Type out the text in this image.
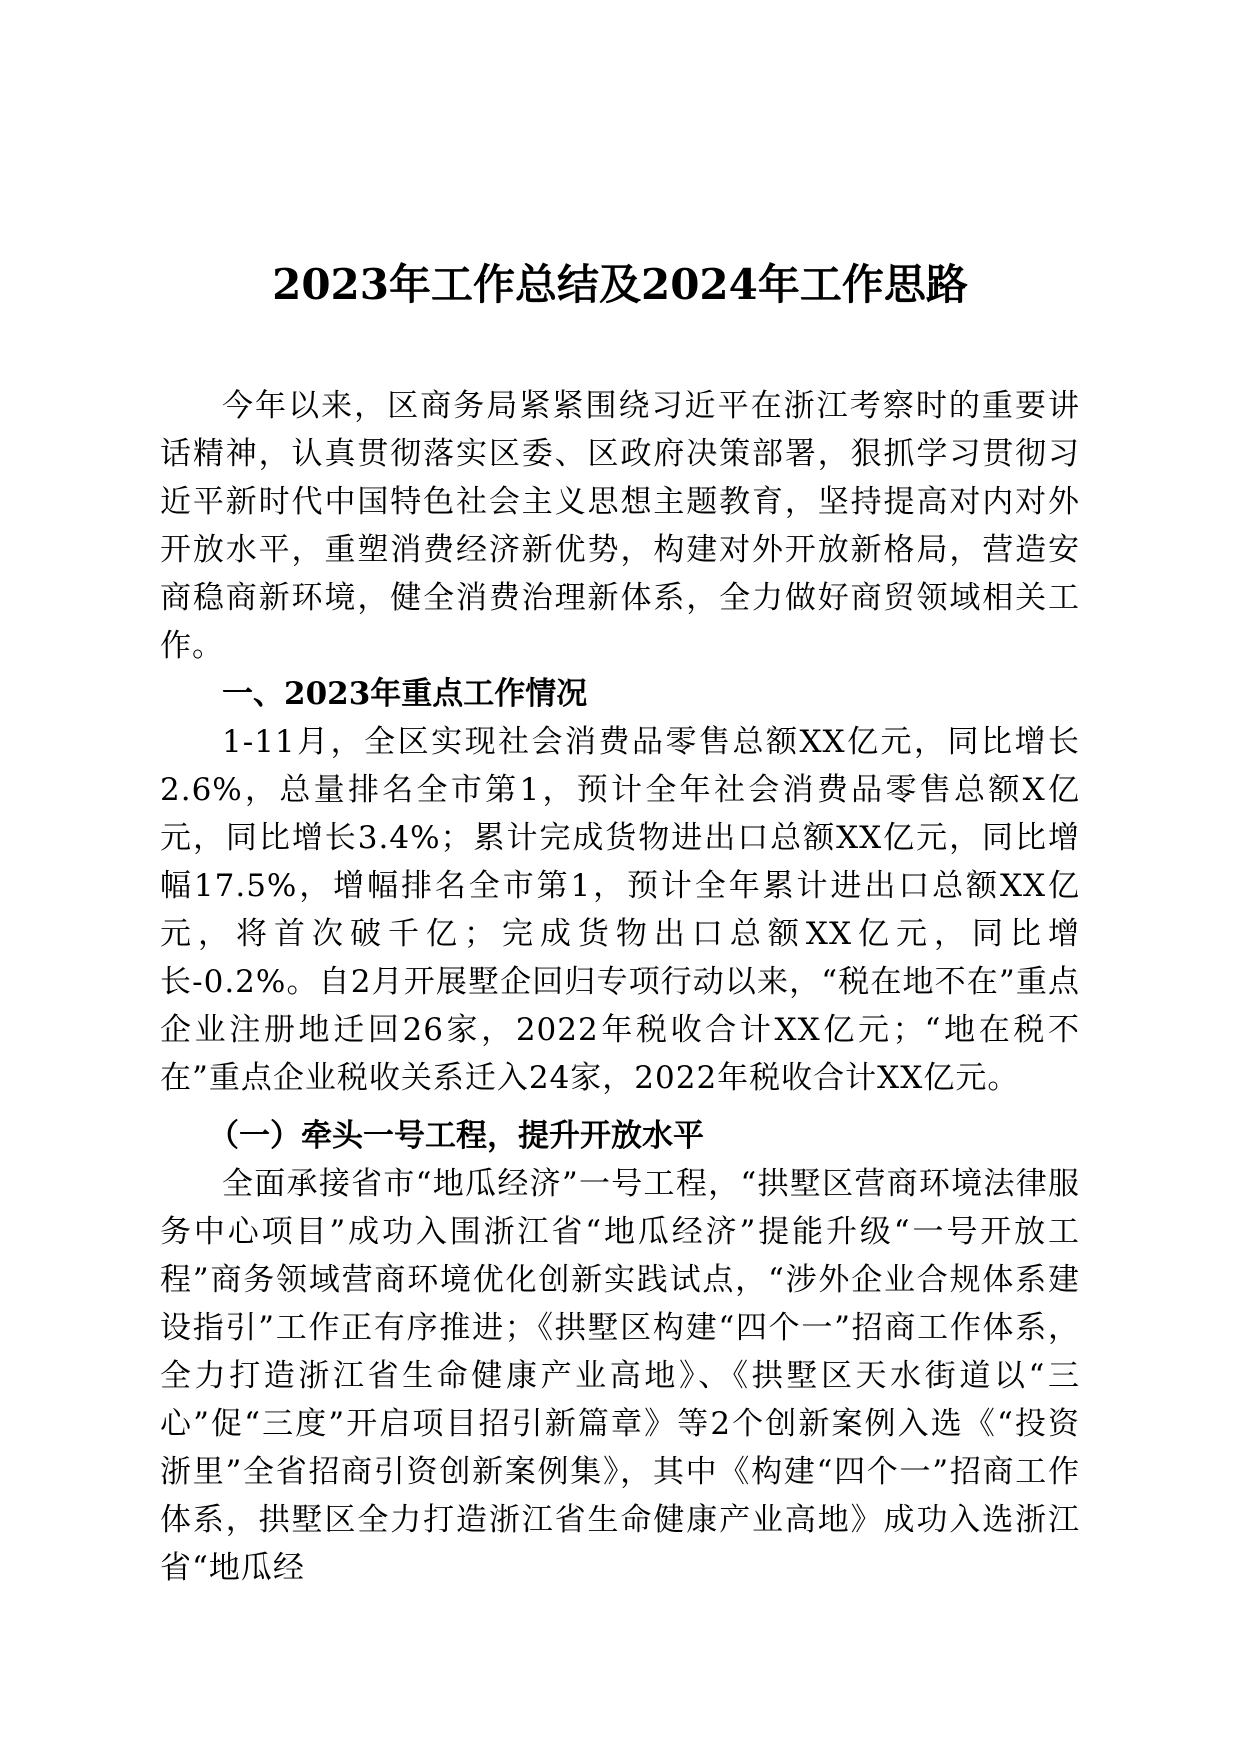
2023年工作总结及2024年工作思路

今年以来，区商务局紧紧围绕习近平在浙江考察时的重要讲话精神，认真贯彻落实区委、区政府决策部署，狠抓学习贯彻习近平新时代中国特色社会主义思想主题教育，坚持提高对内对外开放水平，重塑消费经济新优势，构建对外开放新格局，营造安商稳商新环境，健全消费治理新体系，全力做好商贸领域相关工作。

一、2023年重点工作情况

1-11月，全区实现社会消费品零售总额XX亿元，同比增长2.6%，总量排名全市第1，预计全年社会消费品零售总额X亿元，同比增长3.4%；累计完成货物进出口总额XX亿元，同比增幅17.5%，增幅排名全市第1，预计全年累计进出口总额XX亿元，将首次破千亿；完成货物出口总额XX亿元，同比增长-0.2%。自2月开展墅企回归专项行动以来，“税在地不在”重点企业注册地迁回26家，2022年税收合计XX亿元；“地在税不在”重点企业税收关系迁入24家，2022年税收合计XX亿元。

（一）牵头一号工程，提升开放水平

全面承接省市“地瓜经济”一号工程，“拱墅区营商环境法律服务中心项目”成功入围浙江省“地瓜经济”提能升级“一号开放工程”商务领域营商环境优化创新实践试点，“涉外企业合规体系建设指引”工作正有序推进；《拱墅区构建“四个一”招商工作体系，全力打造浙江省生命健康产业高地》、《拱墅区天水街道以“三心”促“三度”开启项目招引新篇章》等2个创新案例入选《“投资浙里”全省招商引资创新案例集》，其中《构建“四个一”招商工作体系，拱墅区全力打造浙江省生命健康产业高地》成功入选浙江省“地瓜经
